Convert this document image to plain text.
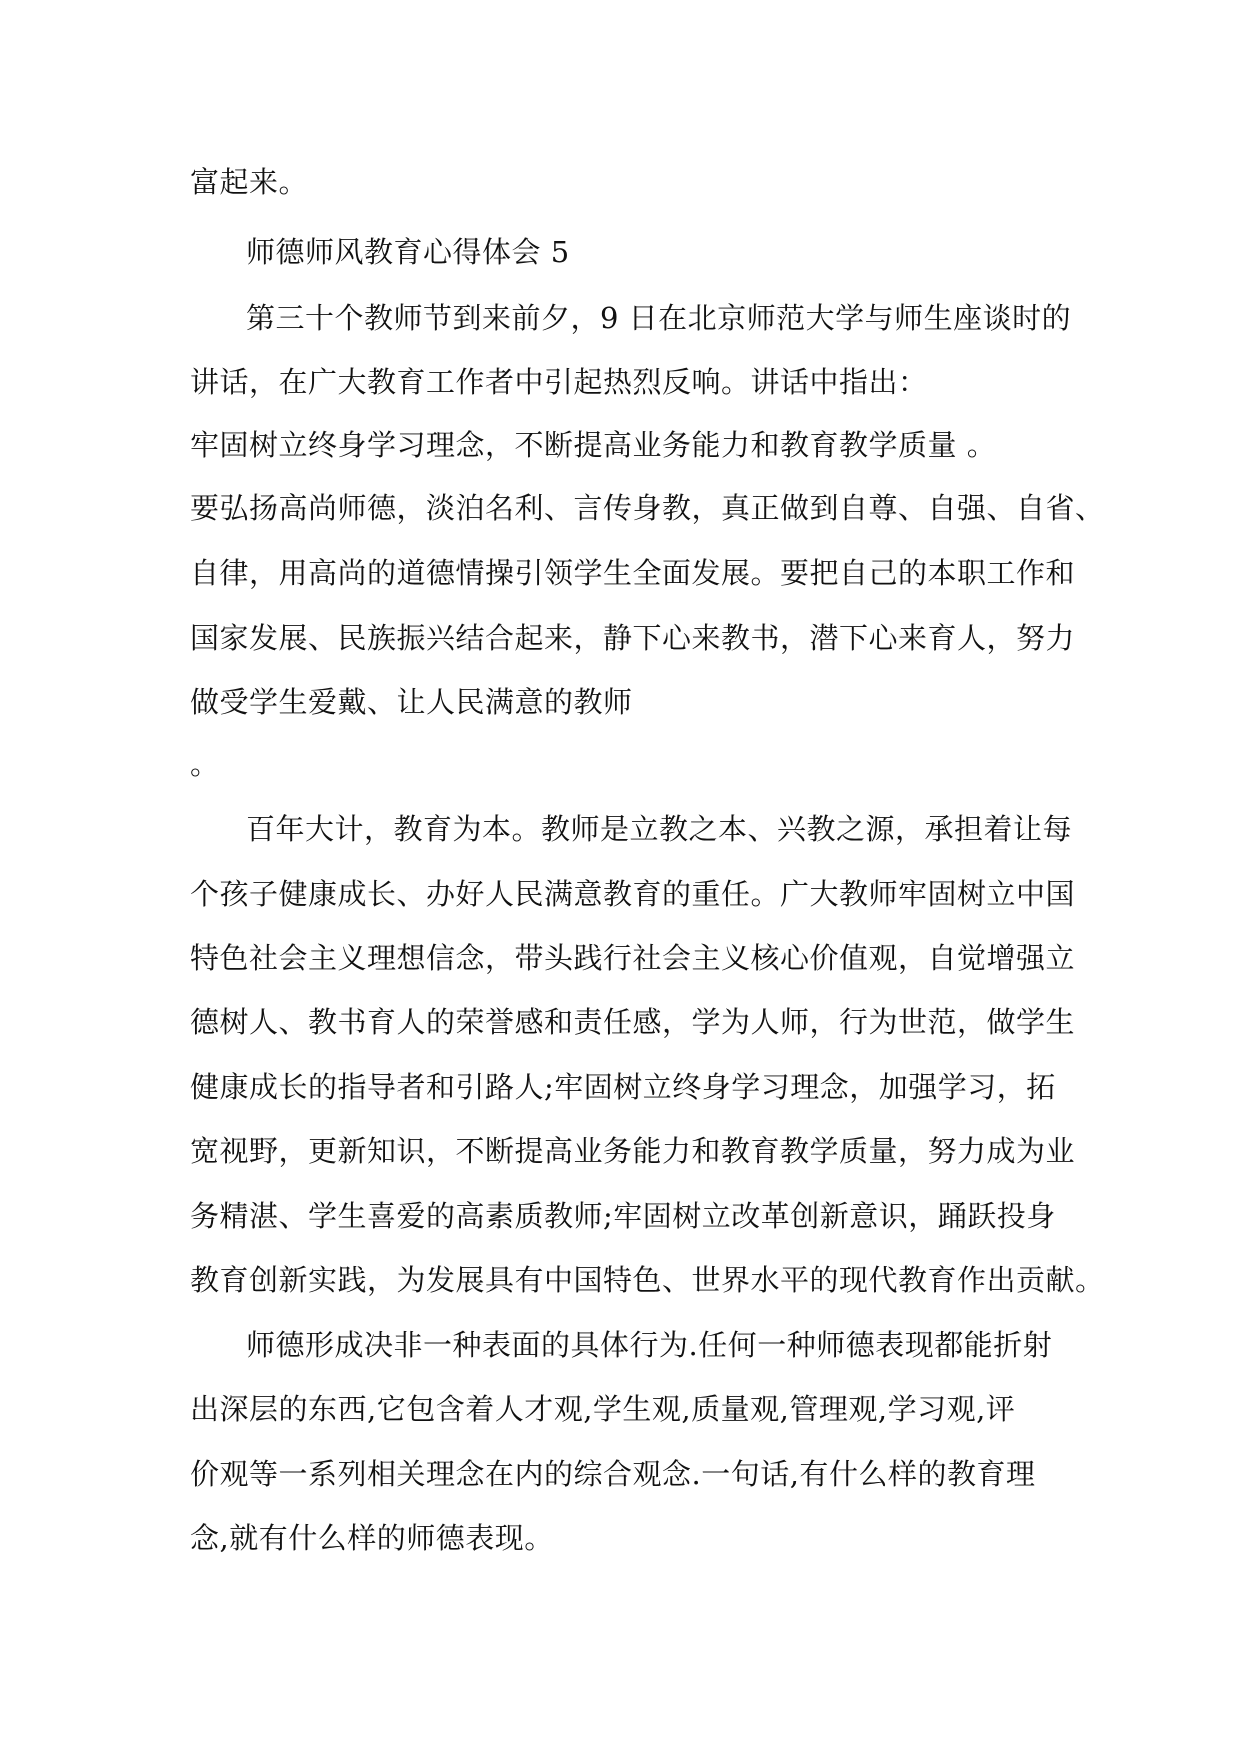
富起来。
师德师风教育心得体会 5
第三十个教师节到来前夕，9 日在北京师范大学与师生座谈时的
讲话，在广大教育工作者中引起热烈反响。讲话中指出：
牢固树立终身学习理念，不断提高业务能力和教育教学质量 。
要弘扬高尚师德，淡泊名利、言传身教，真正做到自尊、自强、自省、
自律，用高尚的道德情操引领学生全面发展。要把自己的本职工作和
国家发展、民族振兴结合起来，静下心来教书，潜下心来育人，努力
做受学生爱戴、让人民满意的教师
。
百年大计，教育为本。教师是立教之本、兴教之源，承担着让每
个孩子健康成长、办好人民满意教育的重任。广大教师牢固树立中国
特色社会主义理想信念，带头践行社会主义核心价值观，自觉增强立
德树人、教书育人的荣誉感和责任感，学为人师，行为世范，做学生
健康成长的指导者和引路人;牢固树立终身学习理念，加强学习，拓
宽视野，更新知识，不断提高业务能力和教育教学质量，努力成为业
务精湛、学生喜爱的高素质教师;牢固树立改革创新意识，踊跃投身
教育创新实践，为发展具有中国特色、世界水平的现代教育作出贡献。
师德形成决非一种表面的具体行为.任何一种师德表现都能折射
出深层的东西,它包含着人才观,学生观,质量观,管理观,学习观,评
价观等一系列相关理念在内的综合观念.一句话,有什么样的教育理
念,就有什么样的师德表现。
